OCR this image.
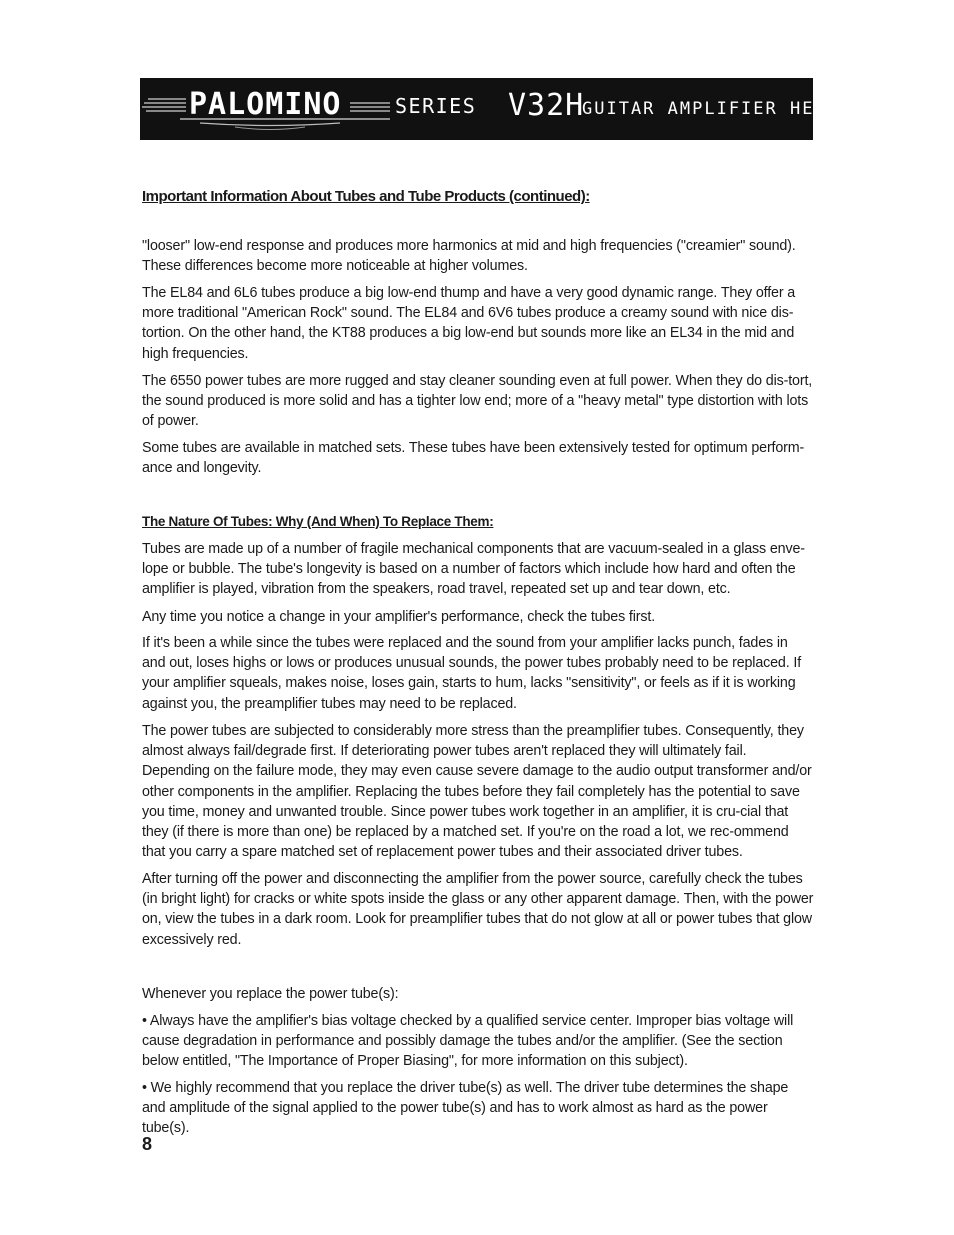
PALOMINO	SERIES V32H
GUITAR AMPLIFIER HEAD
Important Information About Tubes and Tube Products (continued):

"looser" low-end response and produces more harmonics at mid and high frequencies ("creamier" sound). These differences become more noticeable at higher volumes.

The EL84 and 6L6 tubes produce a big low-end thump and have a very good dynamic range. They offer a more traditional "American Rock" sound. The EL84 and 6V6 tubes produce a creamy sound with nice dis-tortion. On the other hand, the KT88 produces a big low-end but sounds more like an EL34 in the mid and high frequencies.

The 6550 power tubes are more rugged and stay cleaner sounding even at full power. When they do dis-tort, the sound produced is more solid and has a tighter low end; more of a "heavy metal" type distortion with lots of power.

Some tubes are available in matched sets. These tubes have been extensively tested for optimum perform-ance and longevity.

The Nature Of Tubes: Why (And When) To Replace Them:

Tubes are made up of a number of fragile mechanical components that are vacuum-sealed in a glass enve-lope or bubble. The tube's longevity is based on a number of factors which include how hard and often the amplifier is played, vibration from the speakers, road travel, repeated set up and tear down, etc.

Any time you notice a change in your amplifier's performance, check the tubes first.

If it's been a while since the tubes were replaced and the sound from your amplifier lacks punch, fades in and out, loses highs or lows or produces unusual sounds, the power tubes probably need to be replaced. If your amplifier squeals, makes noise, loses gain, starts to hum, lacks "sensitivity", or feels as if it is working against you, the preamplifier tubes may need to be replaced.

The power tubes are subjected to considerably more stress than the preamplifier tubes. Consequently, they almost always fail/degrade first. If deteriorating power tubes aren't replaced they will ultimately fail. Depending on the failure mode, they may even cause severe damage to the audio output transformer and/or other components in the amplifier. Replacing the tubes before they fail completely has the potential to save you time, money and unwanted trouble. Since power tubes work together in an amplifier, it is cru-cial that they (if there is more than one) be replaced by a matched set. If you're on the road a lot, we rec-ommend that you carry a spare matched set of replacement power tubes and their associated driver tubes.

After turning off the power and disconnecting the amplifier from the power source, carefully check the tubes (in bright light) for cracks or white spots inside the glass or any other apparent damage. Then, with the power on, view the tubes in a dark room. Look for preamplifier tubes that do not glow at all or power tubes that glow excessively red.

Whenever you replace the power tube(s):

• Always have the amplifier's bias voltage checked by a qualified service center. Improper bias voltage will cause degradation in performance and possibly damage the tubes and/or the amplifier. (See the section below entitled, "The Importance of Proper Biasing", for more information on this subject).

• We highly recommend that you replace the driver tube(s) as well. The driver tube determines the shape and amplitude of the signal applied to the power tube(s) and has to work almost as hard as the power tube(s).

8
